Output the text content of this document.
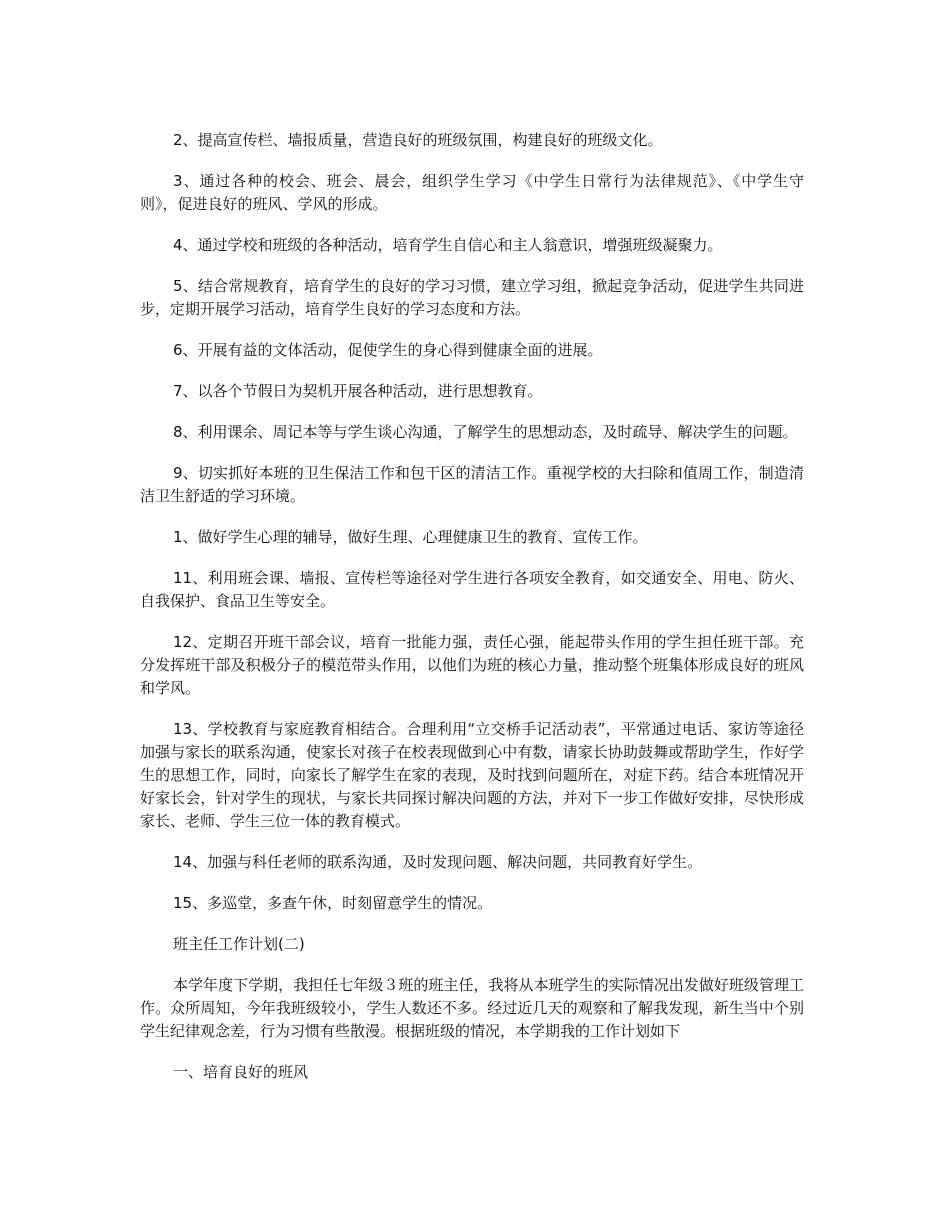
2、提高宣传栏、墙报质量，营造良好的班级氛围，构建良好的班级文化。

3、通过各种的校会、班会、晨会，组织学生学习《中学生日常行为法律规范》、《中学生守则》，促进良好的班风、学风的形成。

4、通过学校和班级的各种活动，培育学生自信心和主人翁意识，增强班级凝聚力。

5、结合常规教育，培育学生的良好的学习习惯，建立学习组，掀起竞争活动，促进学生共同进步，定期开展学习活动，培育学生良好的学习态度和方法。

6、开展有益的文体活动，促使学生的身心得到健康全面的进展。

7、以各个节假日为契机开展各种活动，进行思想教育。

8、利用课余、周记本等与学生谈心沟通，了解学生的思想动态，及时疏导、解决学生的问题。

9、切实抓好本班的卫生保洁工作和包干区的清洁工作。重视学校的大扫除和值周工作，制造清洁卫生舒适的学习环境。

1、做好学生心理的辅导，做好生理、心理健康卫生的教育、宣传工作。

11、利用班会课、墙报、宣传栏等途径对学生进行各项安全教育，如交通安全、用电、防火、自我保护、食品卫生等安全。

12、定期召开班干部会议，培育一批能力强，责任心强，能起带头作用的学生担任班干部。充分发挥班干部及积极分子的模范带头作用，以他们为班的核心力量，推动整个班集体形成良好的班风和学风。

13、学校教育与家庭教育相结合。合理利用“立交桥手记活动表”，平常通过电话、家访等途径加强与家长的联系沟通，使家长对孩子在校表现做到心中有数，请家长协助鼓舞或帮助学生，作好学生的思想工作，同时，向家长了解学生在家的表现，及时找到问题所在，对症下药。结合本班情况开好家长会，针对学生的现状，与家长共同探讨解决问题的方法，并对下一步工作做好安排，尽快形成家长、老师、学生三位一体的教育模式。

14、加强与科任老师的联系沟通，及时发现问题、解决问题，共同教育好学生。

15、多巡堂，多查午休，时刻留意学生的情况。

班主任工作计划(二)

本学年度下学期，我担任七年级３班的班主任，我将从本班学生的实际情况出发做好班级管理工作。众所周知，今年我班级较小，学生人数还不多。经过近几天的观察和了解我发现，新生当中个别学生纪律观念差，行为习惯有些散漫。根据班级的情况，本学期我的工作计划如下

一、培育良好的班风
